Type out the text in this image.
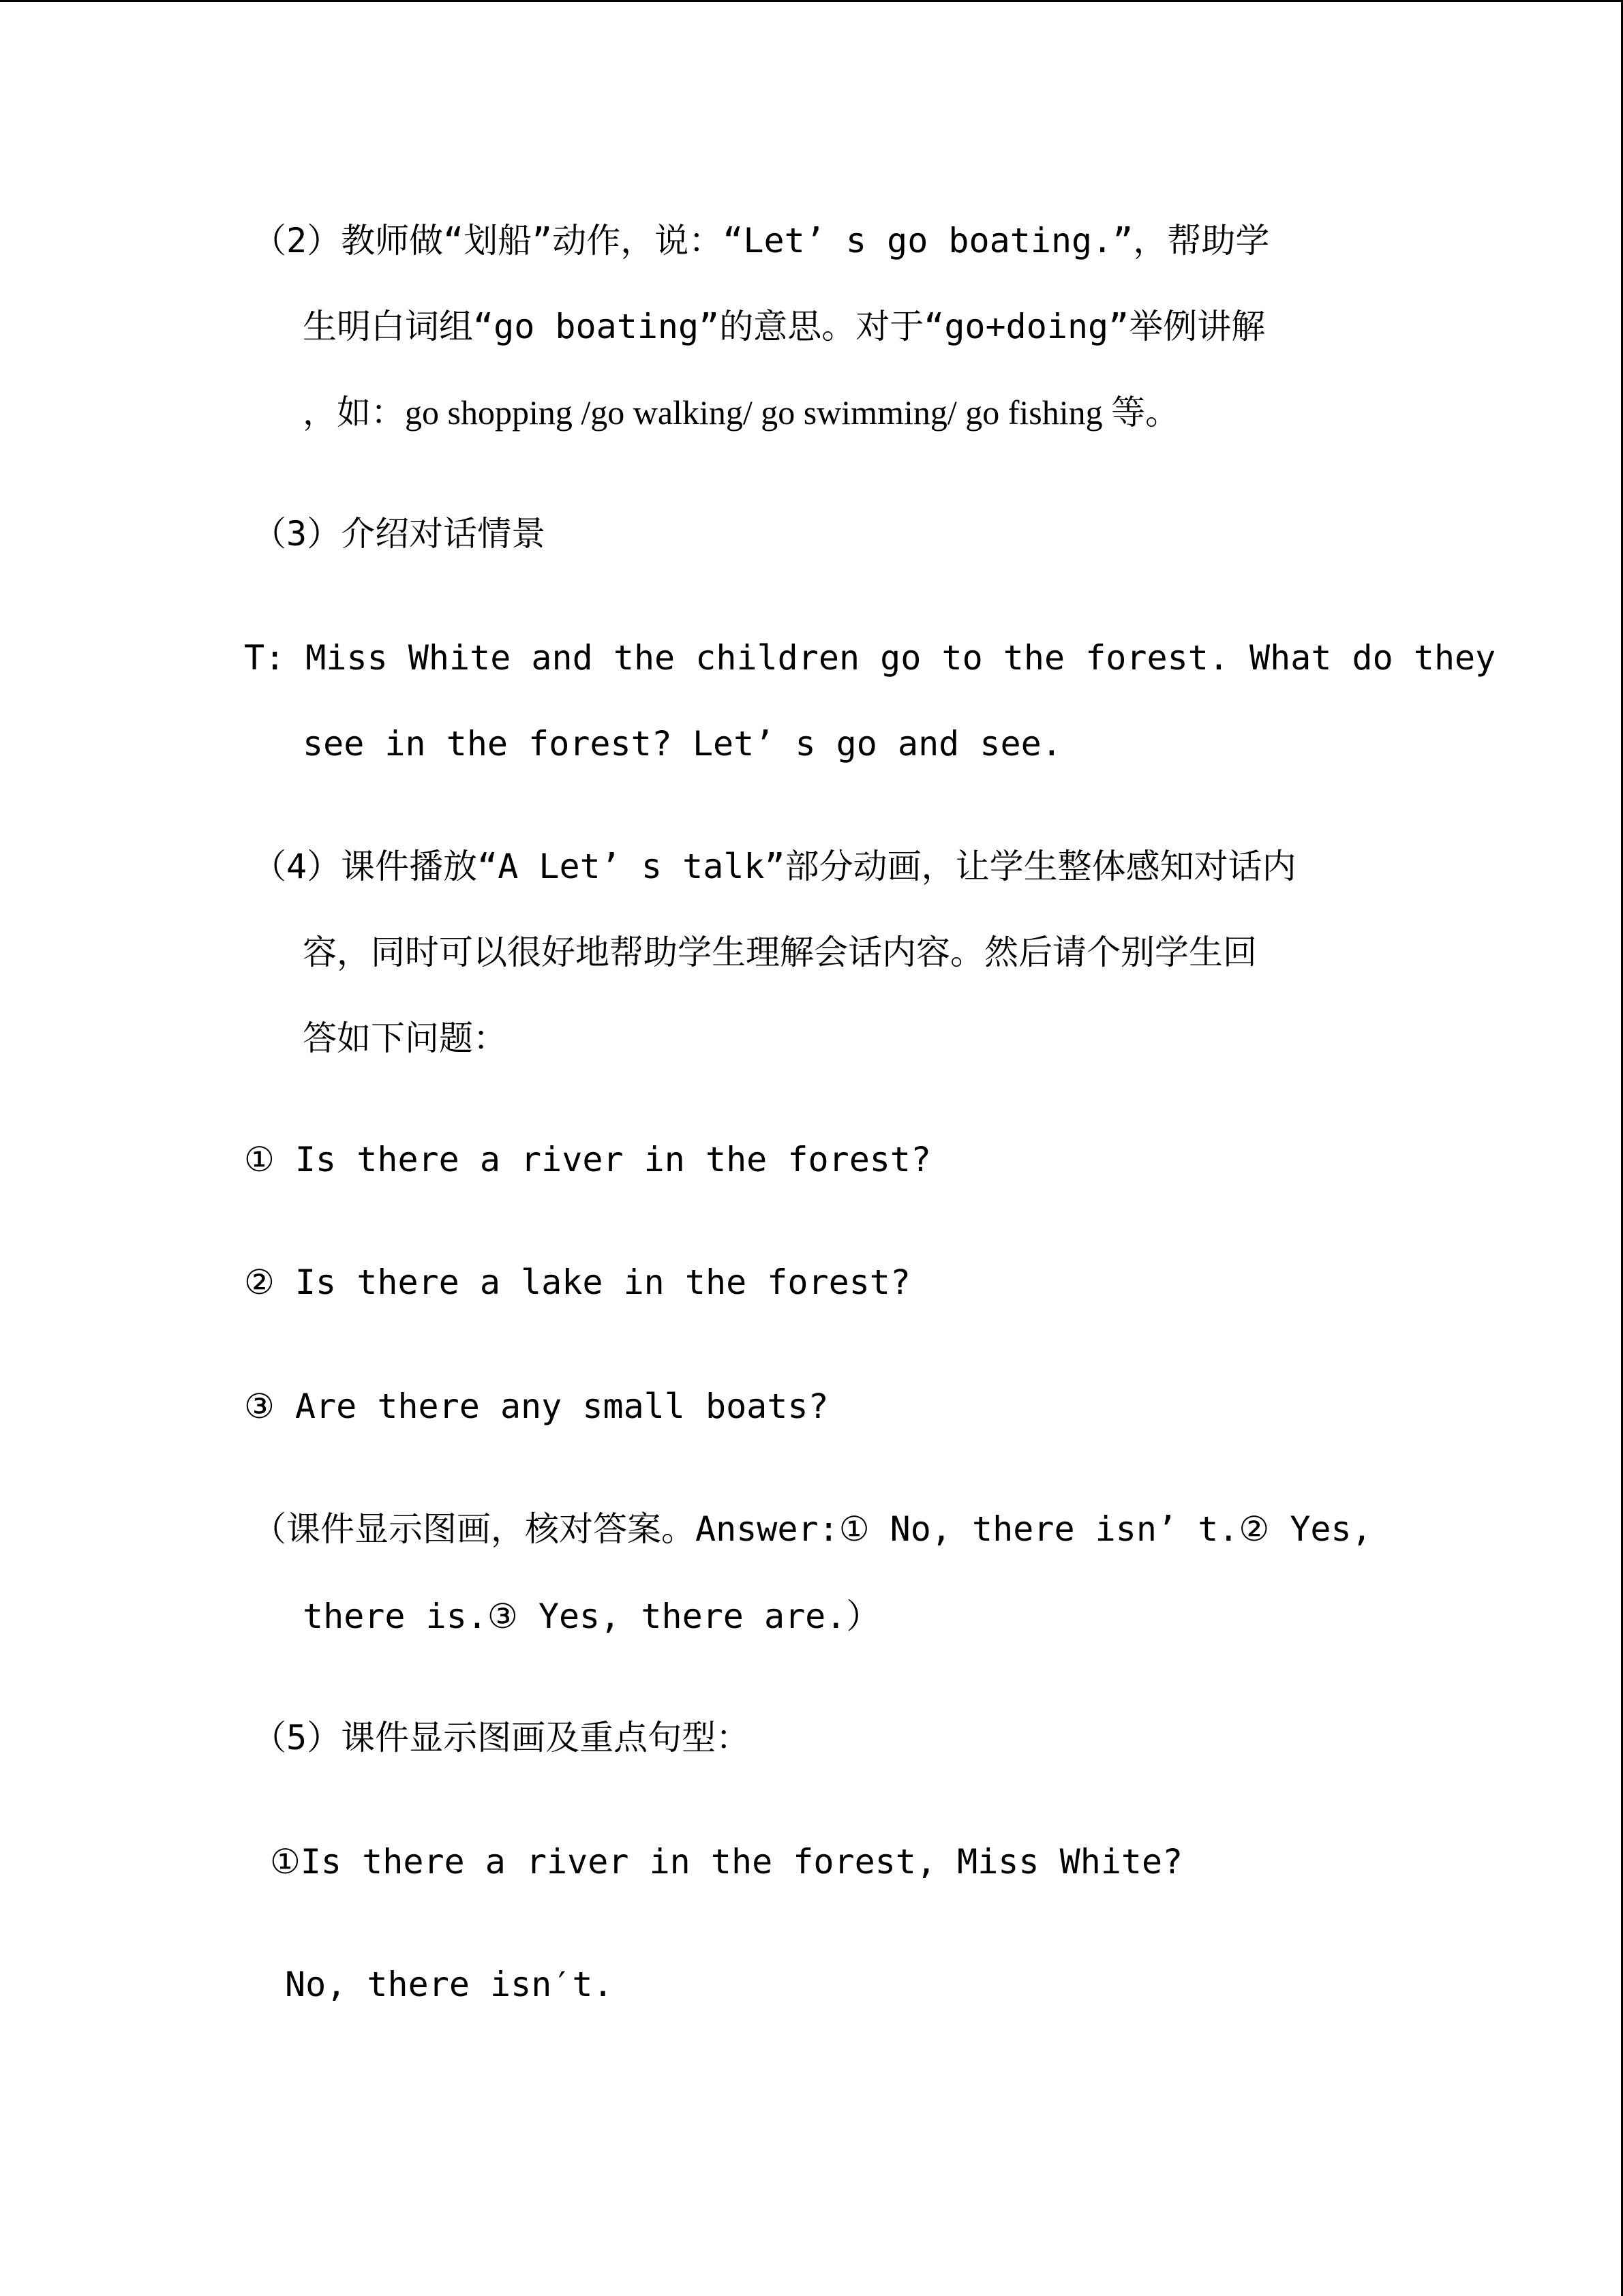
（2）教师做“划船”动作，说：“Let’ s go boating.”，帮助学
生明白词组“go boating”的意思。对于“go+doing”举例讲解
，如：go shopping /go walking/ go swimming/ go fishing 等。
（3）介绍对话情景
T: Miss White and the children go to the forest. What do they
see in the forest? Let’ s go and see.
（4）课件播放“A Let’ s talk”部分动画，让学生整体感知对话内
容，同时可以很好地帮助学生理解会话内容。然后请个别学生回
答如下问题：
① Is there a river in the forest?
② Is there a lake in the forest?
③ Are there any small boats?
（课件显示图画，核对答案。Answer:① No, there isn’ t.② Yes,
there is.③ Yes, there are.）
（5）课件显示图画及重点句型：
①Is there a river in the forest, Miss White?
No, there isn′t.
